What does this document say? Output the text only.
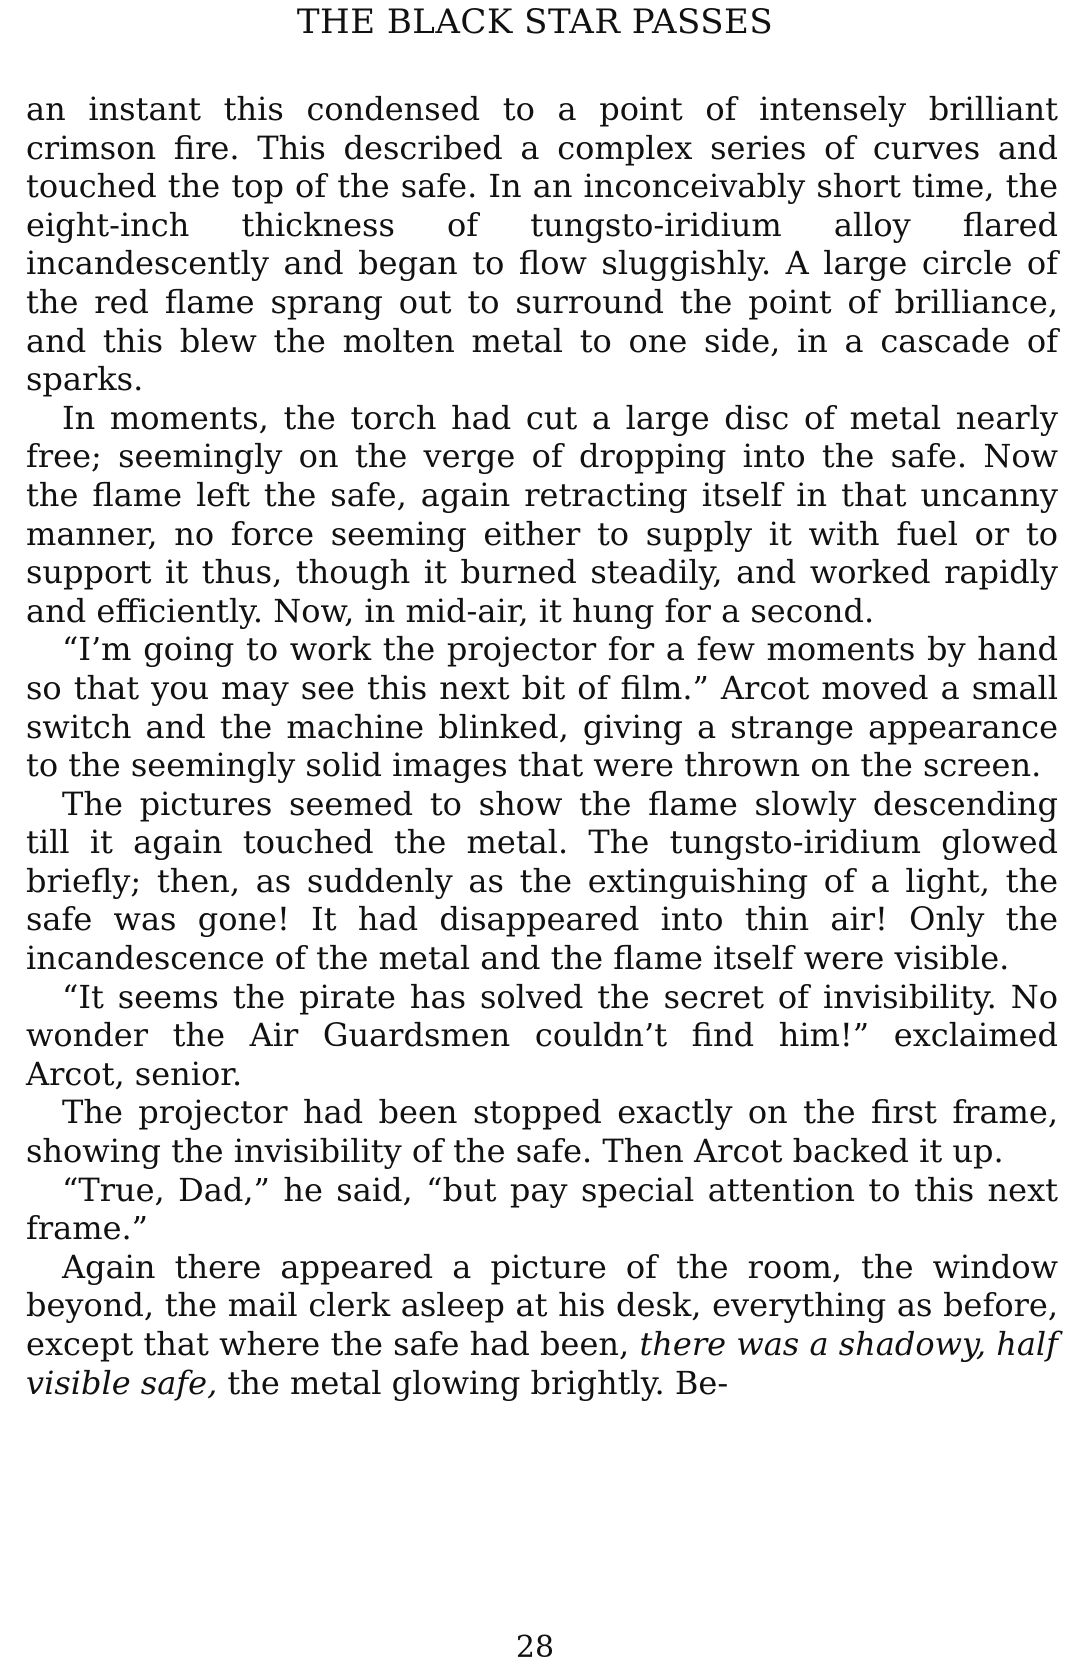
THE BLACK STAR PASSES

an instant this condensed to a point of intensely brilliant crimson fire. This described a complex series of curves and touched the top of the safe. In an inconceivably short time, the eight-inch thickness of tungsto-iridium alloy flared incandescently and began to flow sluggishly. A large circle of the red flame sprang out to surround the point of brilliance, and this blew the molten metal to one side, in a cascade of sparks.

In moments, the torch had cut a large disc of metal nearly free; seemingly on the verge of dropping into the safe. Now the flame left the safe, again retracting itself in that uncanny manner, no force seeming either to supply it with fuel or to support it thus, though it burned steadily, and worked rapidly and efficiently. Now, in mid-air, it hung for a second.

“I’m going to work the projector for a few moments by hand so that you may see this next bit of film.” Arcot moved a small switch and the machine blinked, giving a strange appearance to the seemingly solid images that were thrown on the screen.

The pictures seemed to show the flame slowly descending till it again touched the metal. The tungsto-iridium glowed briefly; then, as suddenly as the extinguishing of a light, the safe was gone! It had disappeared into thin air! Only the incandescence of the metal and the flame itself were visible.

“It seems the pirate has solved the secret of invisibility. No wonder the Air Guardsmen couldn’t find him!” exclaimed Arcot, senior.

The projector had been stopped exactly on the first frame, showing the invisibility of the safe. Then Arcot backed it up.

“True, Dad,” he said, “but pay special attention to this next frame.”

Again there appeared a picture of the room, the window beyond, the mail clerk asleep at his desk, everything as before, except that where the safe had been, there was a shadowy, half visible safe, the metal glowing brightly. Be-

28
